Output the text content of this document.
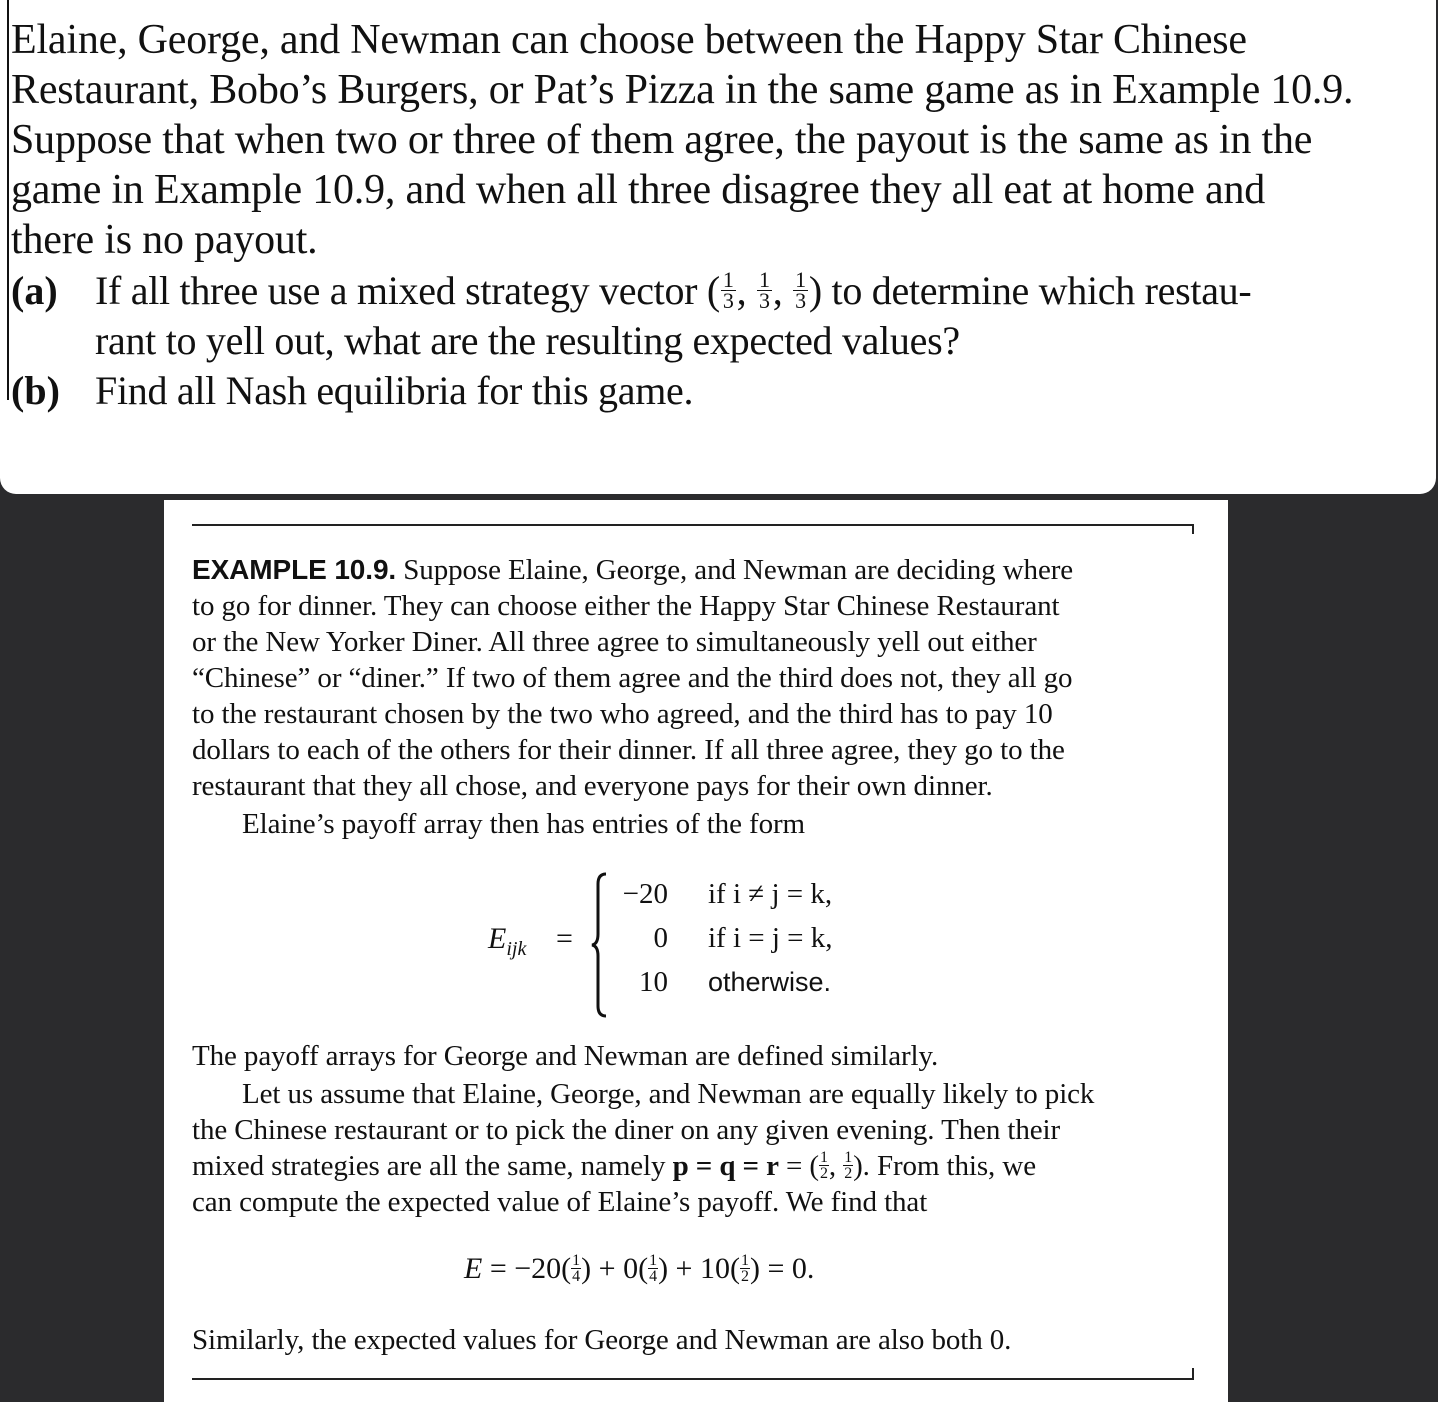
Elaine, George, and Newman can choose between the Happy Star Chinese
Restaurant, Bobo’s Burgers, or Pat’s Pizza in the same game as in Example 10.9.
Suppose that when two or three of them agree, the payout is the same as in the
game in Example 10.9, and when all three disagree they all eat at home and
there is no payout.
(a) If all three use a mixed strategy vector ( $\frac{1}{3}$ , $\frac{1}{3}$ , $\frac{1}{3}$ ) to determine which restau-
rant to yell out, what are the resulting expected values?
(b) Find all Nash equilibria for this game.
EXAMPLE 10.9. Suppose Elaine, George, and Newman are deciding where
to go for dinner. They can choose either the Happy Star Chinese Restaurant
or the New Yorker Diner. All three agree to simultaneously yell out either
“Chinese” or “diner.” If two of them agree and the third does not, they all go
to the restaurant chosen by the two who agreed, and the third has to pay 10
dollars to each of the others for their dinner. If all three agree, they go to the
restaurant that they all chose, and everyone pays for their own dinner.
Elaine’s payoff array then has entries of the form
$E_{ijk}$ =
−20 if i ≠ j = k,
0 if i = j = k,
10 otherwise.
The payoff arrays for George and Newman are defined similarly.
Let us assume that Elaine, George, and Newman are equally likely to pick
the Chinese restaurant or to pick the diner on any given evening. Then their
mixed strategies are all the same, namely p = q = r = ( $\frac{1}{2}$ , $\frac{1}{2}$ ). From this, we
can compute the expected value of Elaine’s payoff. We find that
$E = -20( \frac{1}{4}$ ) + $0( \frac{1}{4}$ ) + $10( \frac{1}{2}$ ) = 0.
Similarly, the expected values for George and Newman are also both 0.
